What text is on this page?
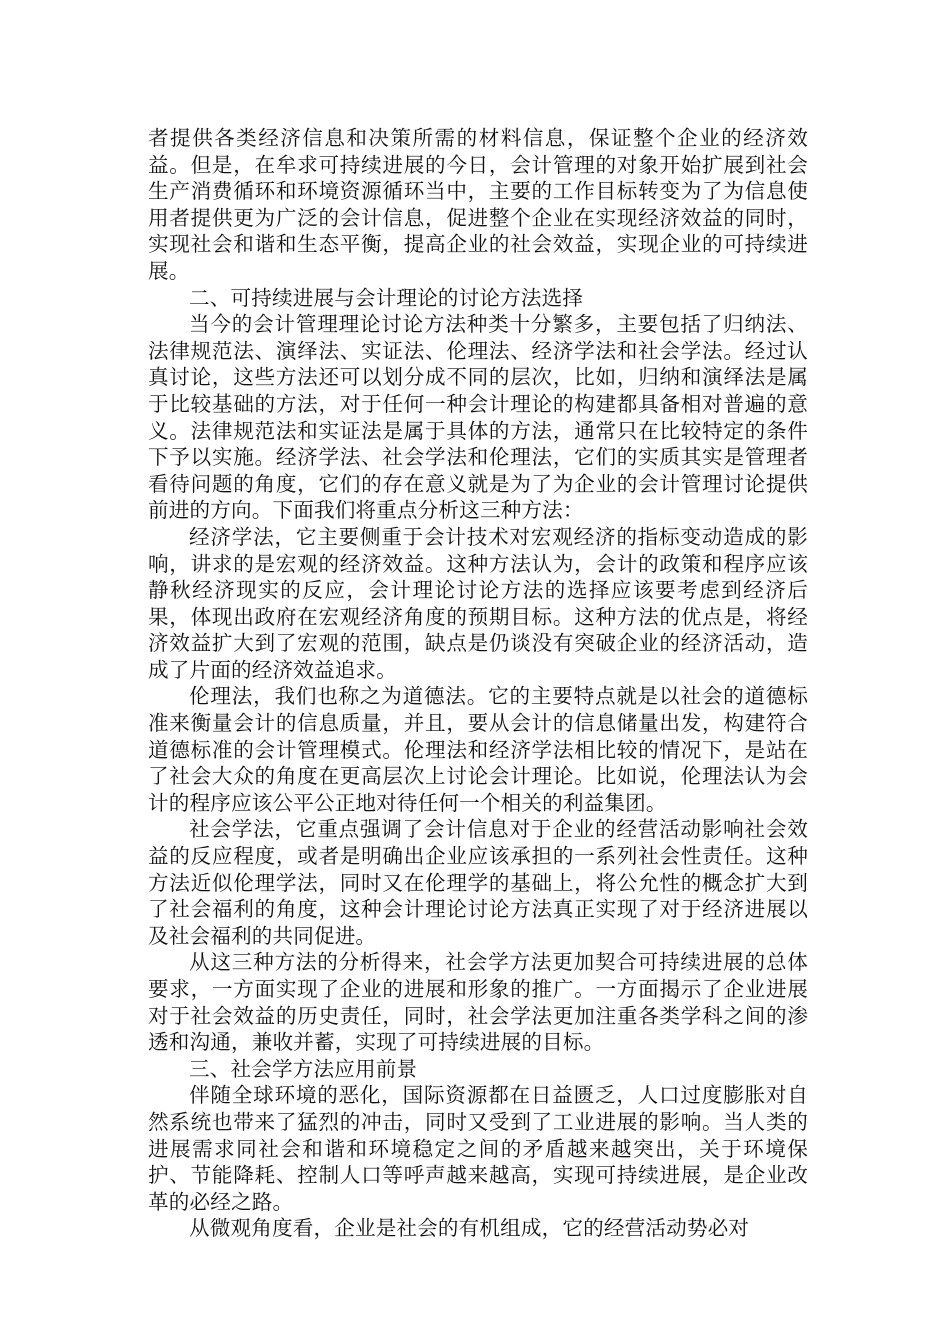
者提供各类经济信息和决策所需的材料信息，保证整个企业的经济效益。但是，在牟求可持续进展的今日，会计管理的对象开始扩展到社会生产消费循环和环境资源循环当中，主要的工作目标转变为了为信息使用者提供更为广泛的会计信息，促进整个企业在实现经济效益的同时，实现社会和谐和生态平衡，提高企业的社会效益，实现企业的可持续进展。

二、可持续进展与会计理论的讨论方法选择

当今的会计管理理论讨论方法种类十分繁多，主要包括了归纳法、法律规范法、演绎法、实证法、伦理法、经济学法和社会学法。经过认真讨论，这些方法还可以划分成不同的层次，比如，归纳和演绎法是属于比较基础的方法，对于任何一种会计理论的构建都具备相对普遍的意义。法律规范法和实证法是属于具体的方法，通常只在比较特定的条件下予以实施。经济学法、社会学法和伦理法，它们的实质其实是管理者看待问题的角度，它们的存在意义就是为了为企业的会计管理讨论提供前进的方向。下面我们将重点分析这三种方法：

经济学法，它主要侧重于会计技术对宏观经济的指标变动造成的影响，讲求的是宏观的经济效益。这种方法认为，会计的政策和程序应该静秋经济现实的反应，会计理论讨论方法的选择应该要考虑到经济后果，体现出政府在宏观经济角度的预期目标。这种方法的优点是，将经济效益扩大到了宏观的范围，缺点是仍谈没有突破企业的经济活动，造成了片面的经济效益追求。

伦理法，我们也称之为道德法。它的主要特点就是以社会的道德标准来衡量会计的信息质量，并且，要从会计的信息储量出发，构建符合道德标准的会计管理模式。伦理法和经济学法相比较的情况下，是站在了社会大众的角度在更高层次上讨论会计理论。比如说，伦理法认为会计的程序应该公平公正地对待任何一个相关的利益集团。

社会学法，它重点强调了会计信息对于企业的经营活动影响社会效益的反应程度，或者是明确出企业应该承担的一系列社会性责任。这种方法近似伦理学法，同时又在伦理学的基础上，将公允性的概念扩大到了社会福利的角度，这种会计理论讨论方法真正实现了对于经济进展以及社会福利的共同促进。

从这三种方法的分析得来，社会学方法更加契合可持续进展的总体要求，一方面实现了企业的进展和形象的推广。一方面揭示了企业进展对于社会效益的历史责任，同时，社会学法更加注重各类学科之间的渗透和沟通，兼收并蓄，实现了可持续进展的目标。

三、社会学方法应用前景

伴随全球环境的恶化，国际资源都在日益匮乏，人口过度膨胀对自然系统也带来了猛烈的冲击，同时又受到了工业进展的影响。当人类的进展需求同社会和谐和环境稳定之间的矛盾越来越突出，关于环境保护、节能降耗、控制人口等呼声越来越高，实现可持续进展，是企业改革的必经之路。

从微观角度看，企业是社会的有机组成，它的经营活动势必对
